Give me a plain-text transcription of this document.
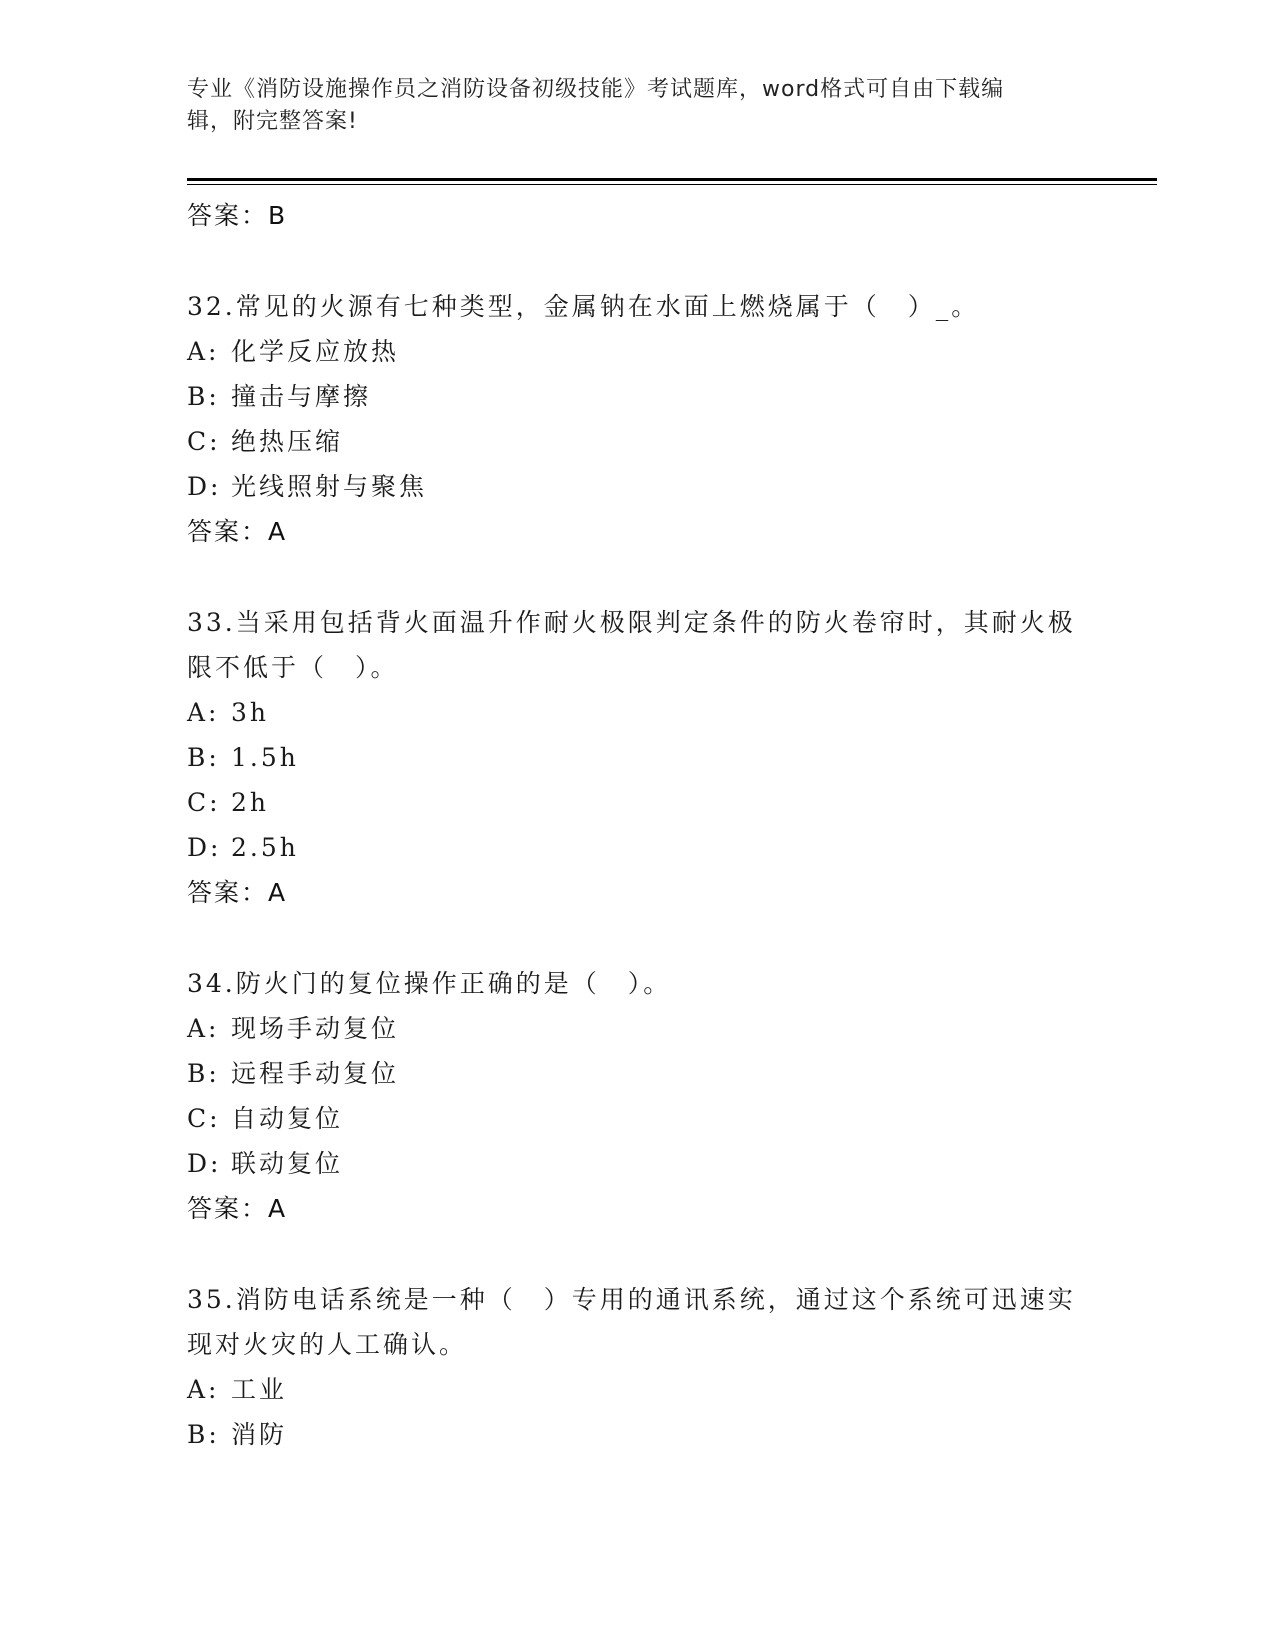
专业《消防设施操作员之消防设备初级技能》考试题库，word格式可自由下载编
辑，附完整答案!
答案：B
32.常见的火源有七种类型，金属钠在水面上燃烧属于（　）_。
A: 化学反应放热
B: 撞击与摩擦
C: 绝热压缩
D: 光线照射与聚焦
答案：A
33.当采用包括背火面温升作耐火极限判定条件的防火卷帘时，其耐火极限不低于（　）。
A: 3h
B: 1.5h
C: 2h
D: 2.5h
答案：A
34.防火门的复位操作正确的是（　）。
A: 现场手动复位
B: 远程手动复位
C: 自动复位
D: 联动复位
答案：A
35.消防电话系统是一种（　）专用的通讯系统，通过这个系统可迅速实现对火灾的人工确认。
A: 工业
B: 消防
